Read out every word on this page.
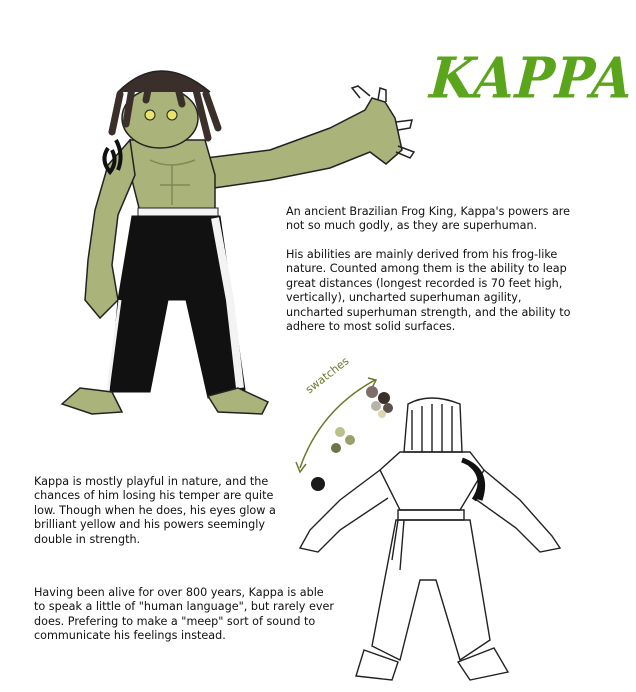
KAPPA
swatches
An ancient Brazilian Frog King, Kappa's powers are not so much godly, as they are superhuman.
His abilities are mainly derived from his frog-like nature. Counted among them is the ability to leap great distances (longest recorded is 70 feet high, vertically), uncharted superhuman agility, uncharted superhuman strength, and the ability to adhere to most solid surfaces.
Kappa is mostly playful in nature, and the chances of him losing his temper are quite low. Though when he does, his eyes glow a brilliant yellow and his powers seemingly double in strength.
Having been alive for over 800 years, Kappa is able to speak a little of "human language", but rarely ever does. Prefering to make a "meep" sort of sound to communicate his feelings instead.
